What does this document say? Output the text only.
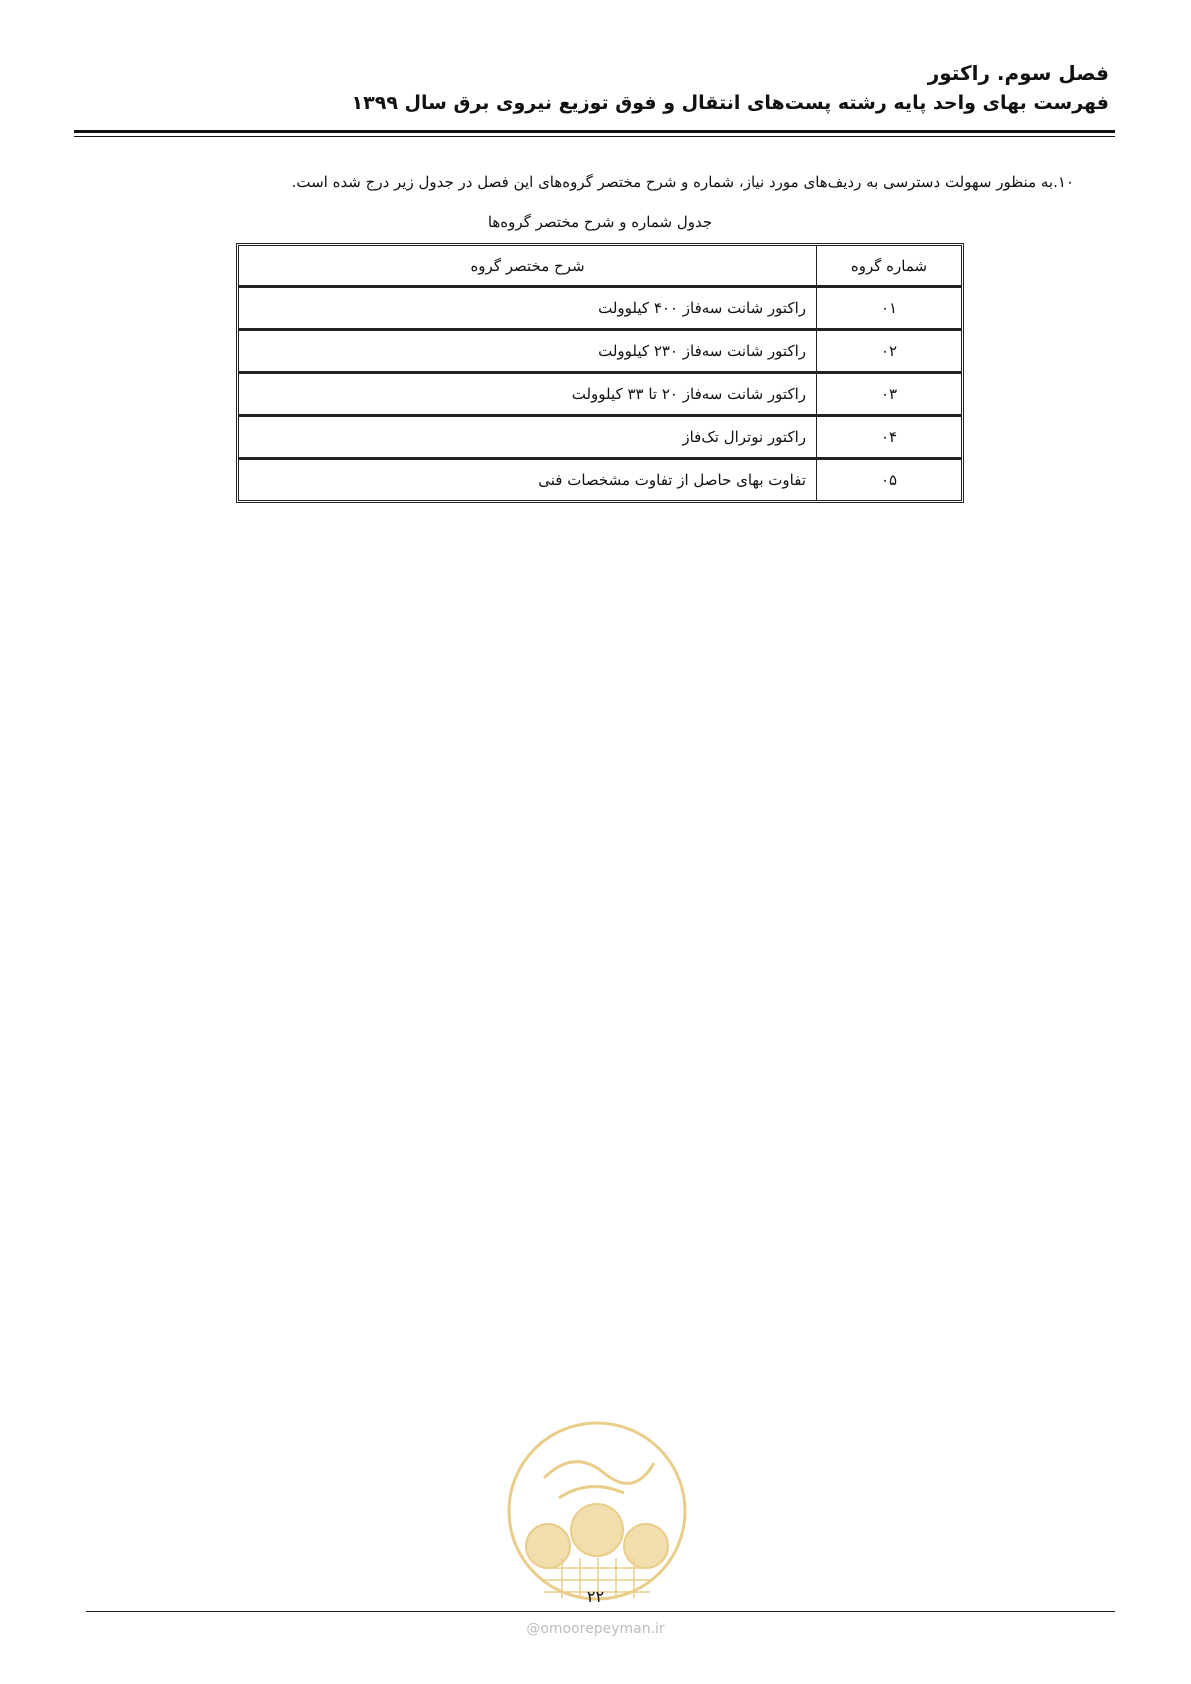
فصل سوم. راکتور
فهرست بهای واحد پایه رشته پست‌های انتقال و فوق توزیع نیروی برق سال ۱۳۹۹

۱۰.به منظور سهولت دسترسی به ردیف‌های مورد نیاز، شماره و شرح مختصر گروه‌های این فصل در جدول زیر درج شده است.

جدول شماره و شرح مختصر گروه‌ها
شماره گروه	شرح مختصر گروه
۰۱	راکتور شانت سه‌فاز ۴۰۰ کیلوولت
۰۲	راکتور شانت سه‌فاز ۲۳۰ کیلوولت
۰۳	راکتور شانت سه‌فاز ۲۰ تا ۳۳ کیلوولت
۰۴	راکتور نوترال تک‌فاز
۰۵	تفاوت بهای حاصل از تفاوت مشخصات فنی
۲۲
@omoorepeyman.ir
